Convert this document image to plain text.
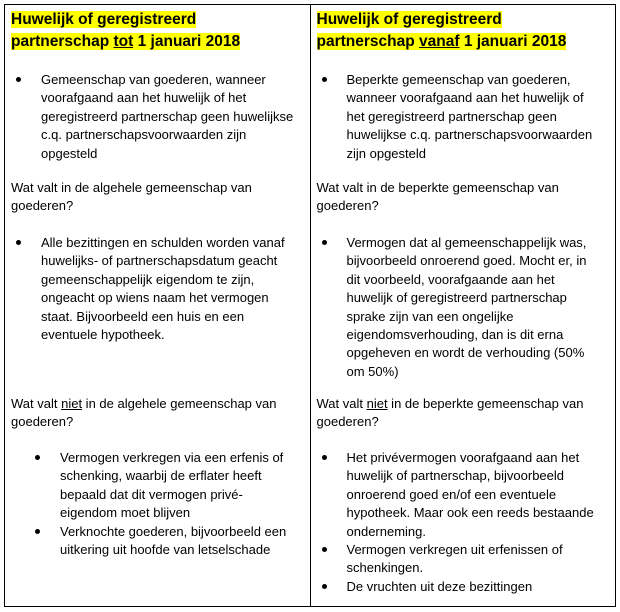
Huwelijk of geregistreerd
partnerschap tot 1 januari 2018
Gemeenschap van goederen, wanneer
voorafgaand aan het huwelijk of het
geregistreerd partnerschap geen huwelijkse
c.q. partnerschapsvoorwaarden zijn
opgesteld

Wat valt in de algehele gemeenschap van
goederen?

Alle bezittingen en schulden worden vanaf
huwelijks- of partnerschapsdatum geacht
gemeenschappelijk eigendom te zijn,
ongeacht op wiens naam het vermogen
staat. Bijvoorbeeld een huis en een
eventuele hypotheek.

Wat valt niet in de algehele gemeenschap van
goederen?

Vermogen verkregen via een erfenis of
schenking, waarbij de erflater heeft
bepaald dat dit vermogen privé-
eigendom moet blijven
Verknochte goederen, bijvoorbeeld een
uitkering uit hoofde van letselschade
Huwelijk of geregistreerd
partnerschap vanaf 1 januari 2018
Beperkte gemeenschap van goederen,
wanneer voorafgaand aan het huwelijk of
het geregistreerd partnerschap geen
huwelijkse c.q. partnerschapsvoorwaarden
zijn opgesteld

Wat valt in de beperkte gemeenschap van
goederen?

Vermogen dat al gemeenschappelijk was,
bijvoorbeeld onroerend goed. Mocht er, in
dit voorbeeld, voorafgaande aan het
huwelijk of geregistreerd partnerschap
sprake zijn van een ongelijke
eigendomsverhouding, dan is dit erna
opgeheven en wordt de verhouding (50%
om 50%)

Wat valt niet in de beperkte gemeenschap van
goederen?

Het privévermogen voorafgaand aan het
huwelijk of partnerschap, bijvoorbeeld
onroerend goed en/of een eventuele
hypotheek. Maar ook een reeds bestaande
onderneming.
Vermogen verkregen uit erfenissen of
schenkingen.
De vruchten uit deze bezittingen
